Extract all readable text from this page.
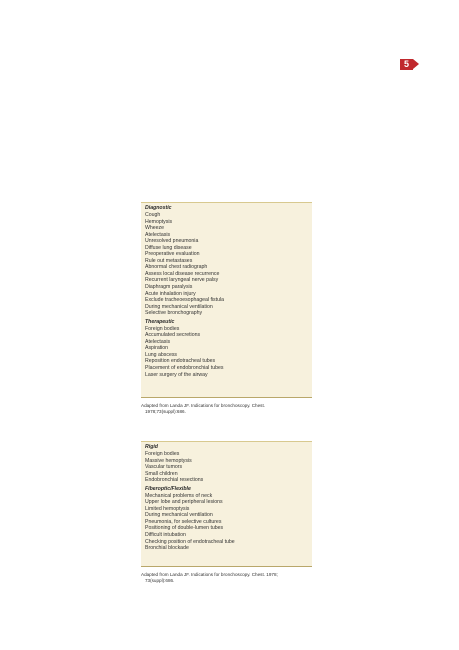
5
Diagnostic
Cough
Hemoptysis
Wheeze
Atelectasis
Unresolved pneumonia
Diffuse lung disease
Preoperative evaluation
Rule out metastases
Abnormal chest radiograph
Assess local disease recurrence
Recurrent laryngeal nerve palsy
Diaphragm paralysis
Acute inhalation injury
Exclude tracheoesophageal fistula
During mechanical ventilation
Selective bronchography
Therapeutic
Foreign bodies
Accumulated secretions
Atelectasis
Aspiration
Lung abscess
Reposition endotracheal tubes
Placement of endobronchial tubes
Laser surgery of the airway
Adapted from Landa JF. Indications for bronchoscopy. Chest.
1978;73(suppl):686.
Rigid
Foreign bodies
Massive hemoptysis
Vascular tumors
Small children
Endobronchial resections
Fiberoptic/Flexible
Mechanical problems of neck
Upper lobe and peripheral lesions
Limited hemoptysis
During mechanical ventilation
Pneumonia, for selective cultures
Positioning of double-lumen tubes
Difficult intubation
Checking position of endotracheal tube
Bronchial blockade
Adapted from Landa JF. Indications for bronchoscopy. Chest. 1978;
73(suppl):686.
